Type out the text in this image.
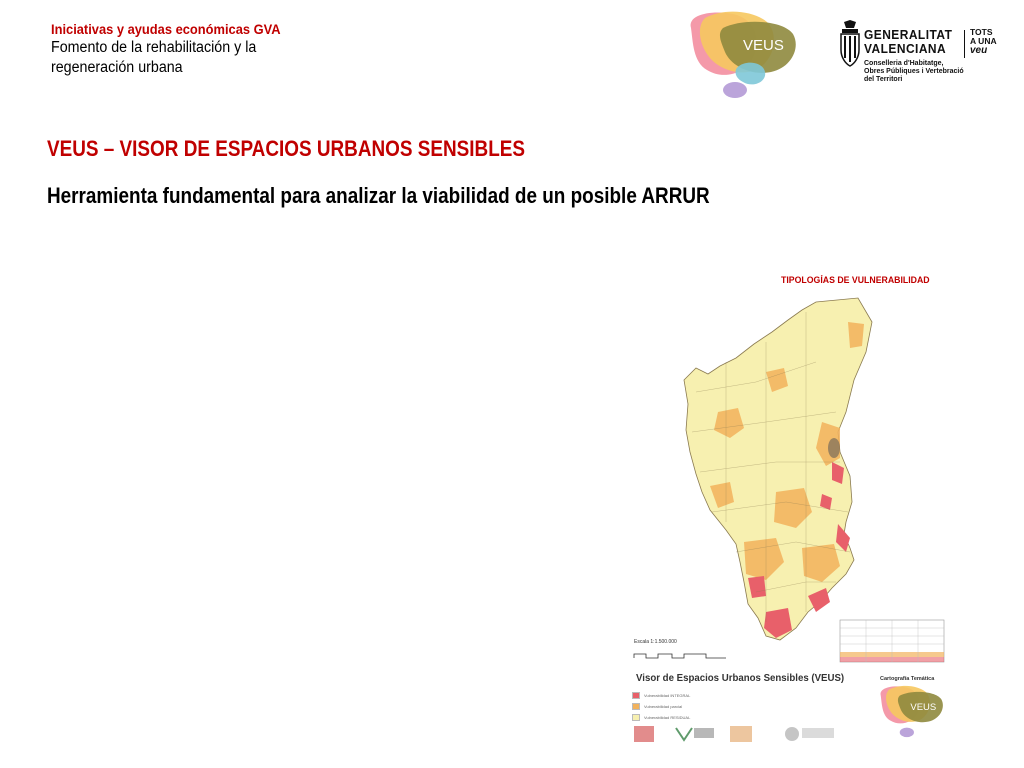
Iniciativas y ayudas económicas GVA
Fomento de la rehabilitación y la regeneración urbana
VEUS
GENERALITAT
VALENCIANA
TOTS
A UNA
veu
Conselleria d'Habitatge, Obres Públiques i Vertebració del Territori
VEUS – VISOR DE ESPACIOS URBANOS SENSIBLES
Herramienta fundamental para analizar la viabilidad de un posible ARRUR
TIPOLOGÍAS DE VULNERABILIDAD
Escala 1:1.500.000
Visor de Espacios Urbanos Sensibles (VEUS)
Vulnerabilidad INTEGRAL
Vulnerabilidad parcial
Vulnerabilidad RESIDUAL
Cartografía Temática
VEUS
